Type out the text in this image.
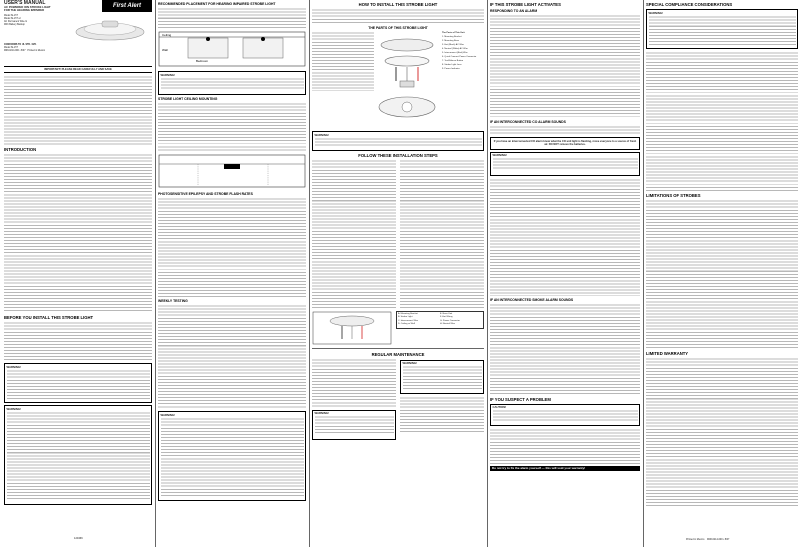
USER'S MANUAL
AC POWERED ION STROKE LIGHT
FOR THE HEARING IMPAIRED
Model SL177i
Model SL177i-LI
AC Permanent Wire-In
With Battery Backup
First Alert
CONFORMS TO UL STD. 1971
Model SL177i
M08-0214-000 • 8/07 Printed in Mexico
IMPORTANT! PLEASE READ CAREFULLY AND SAVE
INTRODUCTION
BEFORE YOU INSTALL THIS STROBE LIGHT
WARNING!
WARNING!
120466
RECOMMENDED PLACEMENT FOR HEARING IMPAIRED STROBE LIGHT
Ceiling
Wall
Bedroom
WARNING!
STROBE LIGHT CEILING MOUNTING
PHOTOSENSITIVE EPILEPSY AND STROBE FLASH RATES
WEEKLY TESTING
WARNING!
HOW TO INSTALL THIS STROBE LIGHT
THE PARTS OF THIS STROBE LIGHT
The Parts of This Unit
1. Mounting Bracket
2. Mounting Base
3. Hot (Black) AC Wire
4. Neutral (White) AC Wire
5. Interconnect (Red) Wire
6. Quick Connect Power Connector
7. Test/Silence Button
8. Strobe Light Lens
9. Power Indicator
WARNING!
FOLLOW THESE INSTALLATION STEPS
A. Mounting Bracket	E. Base Unit
B. Strobe Light	F. Hot Wiring
C. Interconnect Wire	G. Power Connector
D. Ceiling or Wall	H. Neutral Wire
REGULAR MAINTENANCE
WARNING!
WARNING!
IF THIS STROBE LIGHT ACTIVATES
RESPONDING TO AN ALARM
IF AN INTERCONNECTED CO ALARM SOUNDS
If you have an interconnected CO alarm know what the CO unit light is flashing, move everyone to a source of fresh air. DO NOT remove the batteries.
WARNING!
IF AN INTERCONNECTED SMOKE ALARM SOUNDS
IF YOU SUSPECT A PROBLEM
CAUTION!
Do not try to fix the alarm yourself — this will void your warranty!
SPECIAL COMPLIANCE CONSIDERATIONS
WARNING!
LIMITATIONS OF STROBES
LIMITED WARRANTY
Printed in Mexico M08-0214-000 • 8/07
